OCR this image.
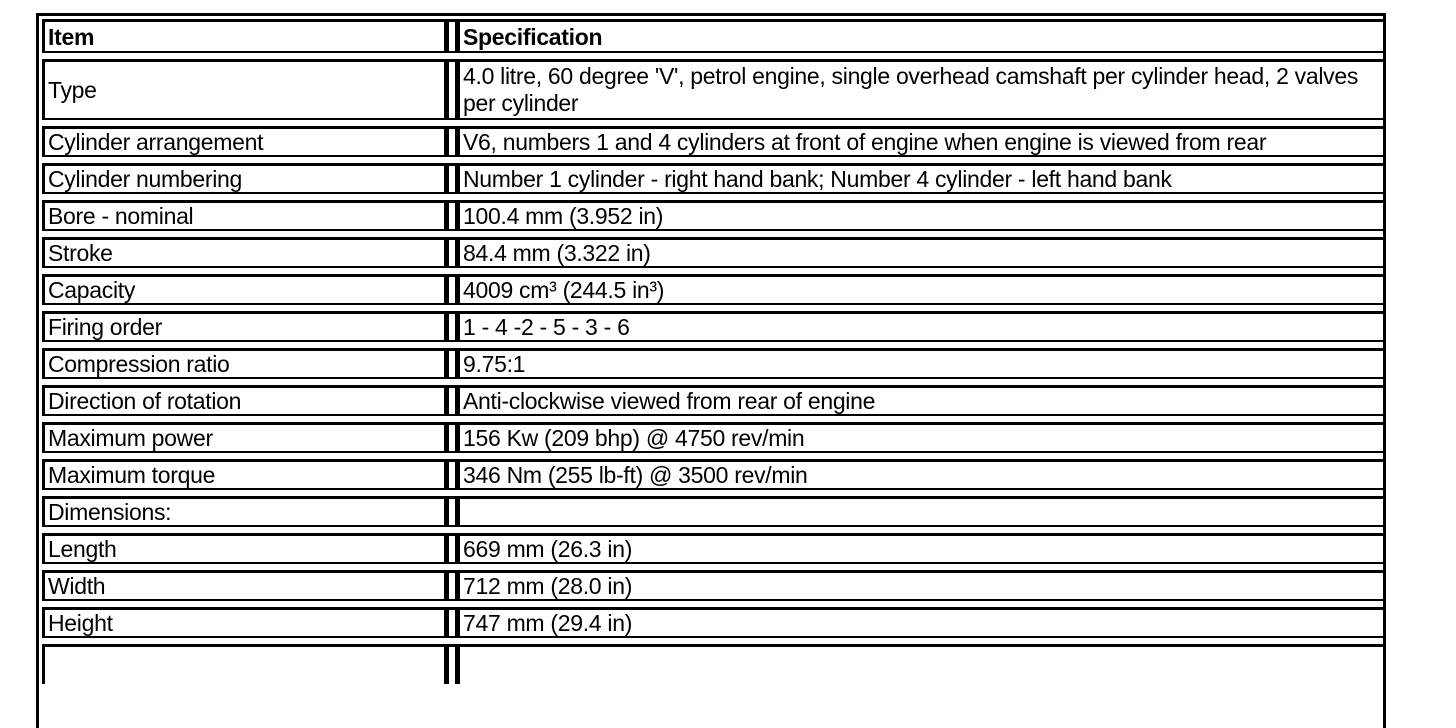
Item		Specification
Type		4.0 litre, 60 degree 'V', petrol engine, single overhead camshaft per cylinder head, 2 valves per cylinder
Cylinder arrangement		V6, numbers 1 and 4 cylinders at front of engine when engine is viewed from rear
Cylinder numbering		Number 1 cylinder - right hand bank; Number 4 cylinder - left hand bank
Bore - nominal		100.4 mm (3.952 in)
Stroke		84.4 mm (3.322 in)
Capacity		4009 cm³ (244.5 in³)
Firing order		1 - 4 -2 - 5 - 3 - 6
Compression ratio		9.75:1
Direction of rotation		Anti-clockwise viewed from rear of engine
Maximum power		156 Kw (209 bhp) @ 4750 rev/min
Maximum torque		346 Nm (255 lb-ft) @ 3500 rev/min
Dimensions:		
Length		669 mm (26.3 in)
Width		712 mm (28.0 in)
Height		747 mm (29.4 in)
